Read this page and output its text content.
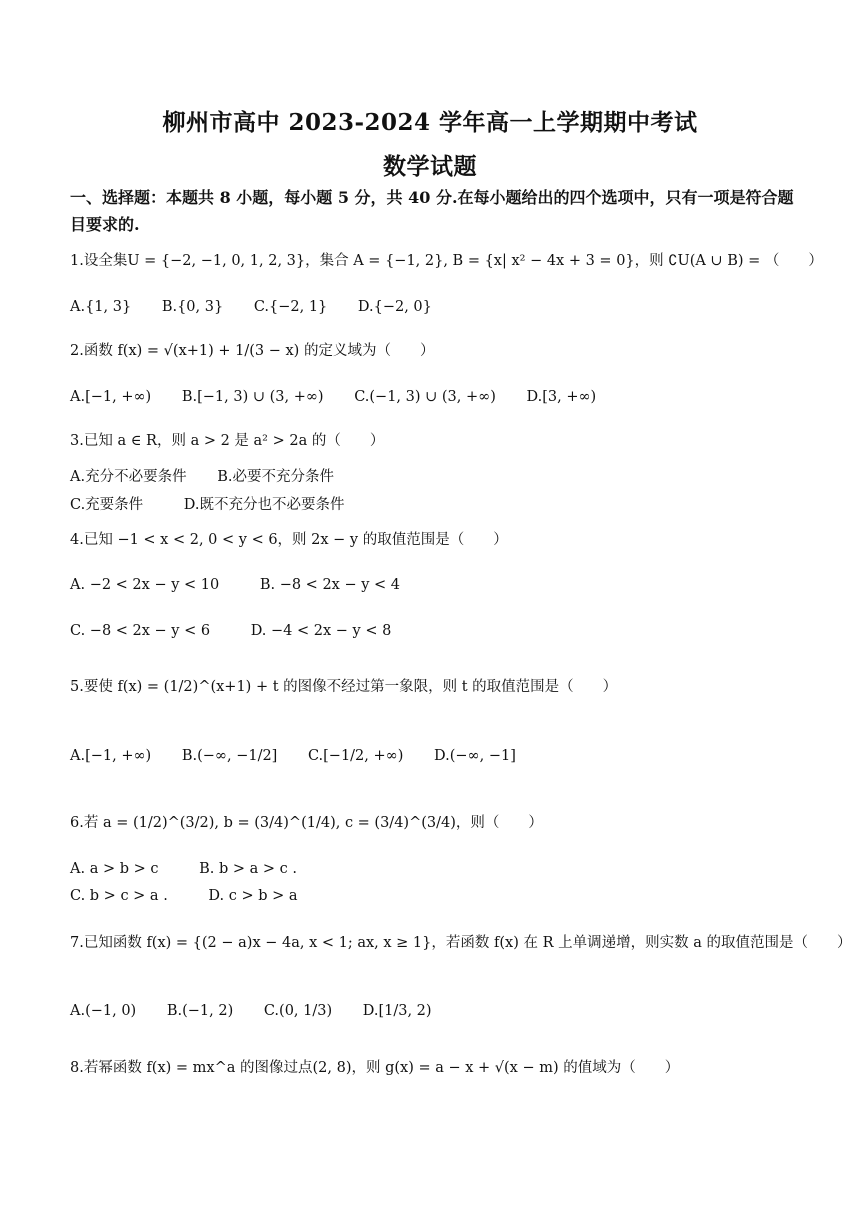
柳州市高中 2023-2024 学年高一上学期期中考试
数学试题
一、选择题：本题共 8 小题，每小题 5 分，共 40 分.在每小题给出的四个选项中，只有一项是符合题目要求的.
1.设全集U = {−2, −1, 0, 1, 2, 3}，集合 A = {−1, 2}, B = {x| x² − 4x + 3 = 0}，则 ∁U(A ∪ B) = （　　）
A.{1, 3} B.{0, 3} C.{−2, 1} D.{−2, 0}
2.函数 f(x) = √(x+1) + 1/(3 − x) 的定义域为（　　）
A.[−1, +∞) B.[−1, 3) ∪ (3, +∞) C.(−1, 3) ∪ (3, +∞) D.[3, +∞)
3.已知 a ∈ R，则 a > 2 是 a² > 2a 的（　　）
A.充分不必要条件 B.必要不充分条件
C.充要条件	D.既不充分也不必要条件
4.已知 −1 < x < 2, 0 < y < 6，则 2x − y 的取值范围是（　　）
A. −2 < 2x − y < 10	B. −8 < 2x − y < 4
C. −8 < 2x − y < 6	D. −4 < 2x − y < 8
5.要使 f(x) = (1/2)^(x+1) + t 的图像不经过第一象限，则 t 的取值范围是（　　）
A.[−1, +∞) B.(−∞, −1/2] C.[−1/2, +∞) D.(−∞, −1]
6.若 a = (1/2)^(3/2), b = (3/4)^(1/4), c = (3/4)^(3/4)，则（　　）
A. a > b > c	B. b > a > c .
C. b > c > a .	D. c > b > a
7.已知函数 f(x) = {(2 − a)x − 4a, x < 1; ax, x ≥ 1}，若函数 f(x) 在 R 上单调递增，则实数 a 的取值范围是（　　）
A.(−1, 0) B.(−1, 2) C.(0, 1/3) D.[1/3, 2)
8.若幂函数 f(x) = mx^a 的图像过点(2, 8)，则 g(x) = a − x + √(x − m) 的值域为（　　）
